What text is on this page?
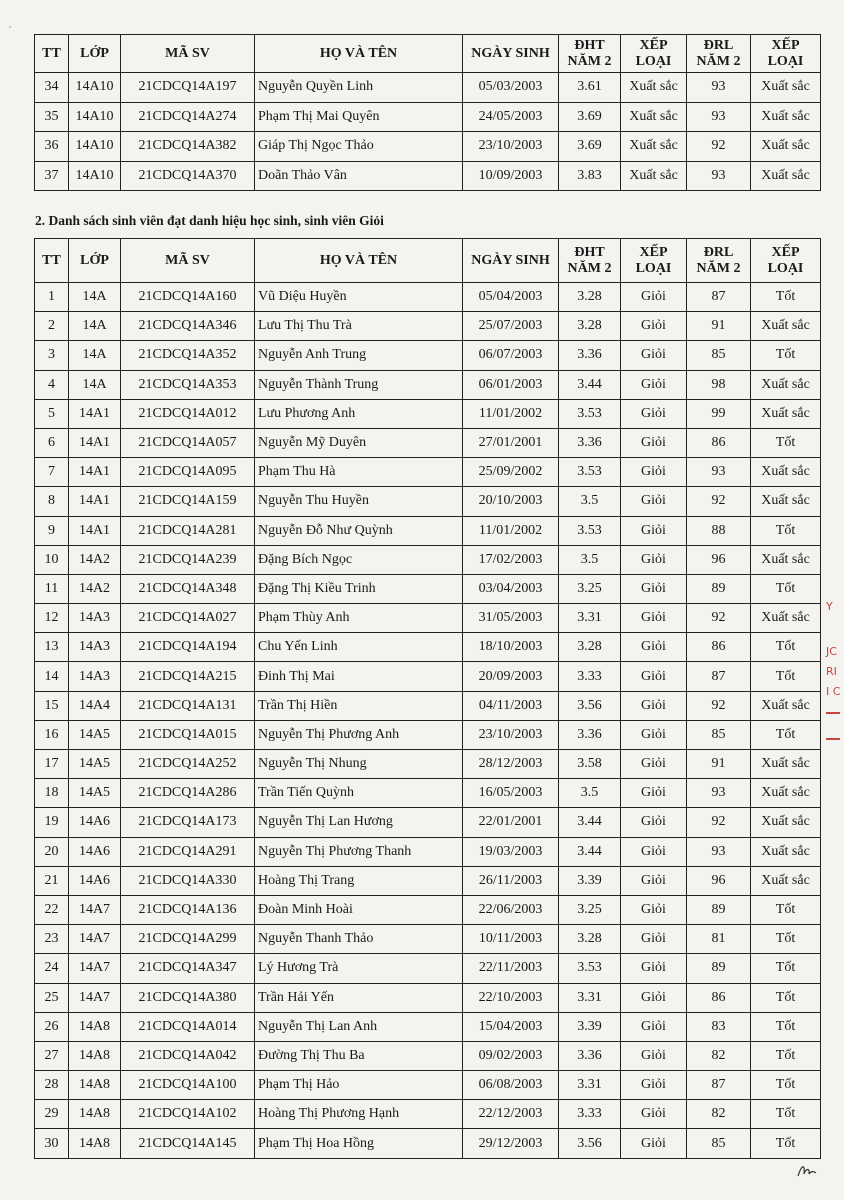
´
TT	LỚP	MÃ SV	HỌ VÀ TÊN	NGÀY SINH	ĐHT NĂM 2	XẾP LOẠI	ĐRL NĂM 2	XẾP LOẠI
34	14A10	21CDCQ14A197	Nguyễn Quyền Linh	05/03/2003	3.61	Xuất sắc	93	Xuất sắc
35	14A10	21CDCQ14A274	Phạm Thị Mai Quyên	24/05/2003	3.69	Xuất sắc	93	Xuất sắc
36	14A10	21CDCQ14A382	Giáp Thị Ngọc Thảo	23/10/2003	3.69	Xuất sắc	92	Xuất sắc
37	14A10	21CDCQ14A370	Doãn Thảo Vân	10/09/2003	3.83	Xuất sắc	93	Xuất sắc
2. Danh sách sinh viên đạt danh hiệu học sinh, sinh viên Giỏi
TT	LỚP	MÃ SV	HỌ VÀ TÊN	NGÀY SINH	ĐHT NĂM 2	XẾP LOẠI	ĐRL NĂM 2	XẾP LOẠI
1	14A	21CDCQ14A160	Vũ Diệu Huyền	05/04/2003	3.28	Giỏi	87	Tốt
2	14A	21CDCQ14A346	Lưu Thị Thu Trà	25/07/2003	3.28	Giỏi	91	Xuất sắc
3	14A	21CDCQ14A352	Nguyễn Anh Trung	06/07/2003	3.36	Giỏi	85	Tốt
4	14A	21CDCQ14A353	Nguyễn Thành Trung	06/01/2003	3.44	Giỏi	98	Xuất sắc
5	14A1	21CDCQ14A012	Lưu Phương Anh	11/01/2002	3.53	Giỏi	99	Xuất sắc
6	14A1	21CDCQ14A057	Nguyễn Mỹ Duyên	27/01/2001	3.36	Giỏi	86	Tốt
7	14A1	21CDCQ14A095	Phạm Thu Hà	25/09/2002	3.53	Giỏi	93	Xuất sắc
8	14A1	21CDCQ14A159	Nguyễn Thu Huyền	20/10/2003	3.5	Giỏi	92	Xuất sắc
9	14A1	21CDCQ14A281	Nguyễn Đỗ Như Quỳnh	11/01/2002	3.53	Giỏi	88	Tốt
10	14A2	21CDCQ14A239	Đặng Bích Ngọc	17/02/2003	3.5	Giỏi	96	Xuất sắc
11	14A2	21CDCQ14A348	Đặng Thị Kiều Trinh	03/04/2003	3.25	Giỏi	89	Tốt
12	14A3	21CDCQ14A027	Phạm Thùy Anh	31/05/2003	3.31	Giỏi	92	Xuất sắc
13	14A3	21CDCQ14A194	Chu Yến Linh	18/10/2003	3.28	Giỏi	86	Tốt
14	14A3	21CDCQ14A215	Đinh Thị Mai	20/09/2003	3.33	Giỏi	87	Tốt
15	14A4	21CDCQ14A131	Trần Thị Hiền	04/11/2003	3.56	Giỏi	92	Xuất sắc
16	14A5	21CDCQ14A015	Nguyễn Thị Phương Anh	23/10/2003	3.36	Giỏi	85	Tốt
17	14A5	21CDCQ14A252	Nguyễn Thị Nhung	28/12/2003	3.58	Giỏi	91	Xuất sắc
18	14A5	21CDCQ14A286	Trần Tiến Quỳnh	16/05/2003	3.5	Giỏi	93	Xuất sắc
19	14A6	21CDCQ14A173	Nguyễn Thị Lan Hương	22/01/2001	3.44	Giỏi	92	Xuất sắc
20	14A6	21CDCQ14A291	Nguyễn Thị Phương Thanh	19/03/2003	3.44	Giỏi	93	Xuất sắc
21	14A6	21CDCQ14A330	Hoàng Thị Trang	26/11/2003	3.39	Giỏi	96	Xuất sắc
22	14A7	21CDCQ14A136	Đoàn Minh Hoài	22/06/2003	3.25	Giỏi	89	Tốt
23	14A7	21CDCQ14A299	Nguyễn Thanh Thảo	10/11/2003	3.28	Giỏi	81	Tốt
24	14A7	21CDCQ14A347	Lý Hương Trà	22/11/2003	3.53	Giỏi	89	Tốt
25	14A7	21CDCQ14A380	Trần Hải Yến	22/10/2003	3.31	Giỏi	86	Tốt
26	14A8	21CDCQ14A014	Nguyễn Thị Lan Anh	15/04/2003	3.39	Giỏi	83	Tốt
27	14A8	21CDCQ14A042	Đường Thị Thu Ba	09/02/2003	3.36	Giỏi	82	Tốt
28	14A8	21CDCQ14A100	Phạm Thị Hảo	06/08/2003	3.31	Giỏi	87	Tốt
29	14A8	21CDCQ14A102	Hoàng Thị Phương Hạnh	22/12/2003	3.33	Giỏi	82	Tốt
30	14A8	21CDCQ14A145	Phạm Thị Hoa Hồng	29/12/2003	3.56	Giỏi	85	Tốt
Y
JC
RI
I C
